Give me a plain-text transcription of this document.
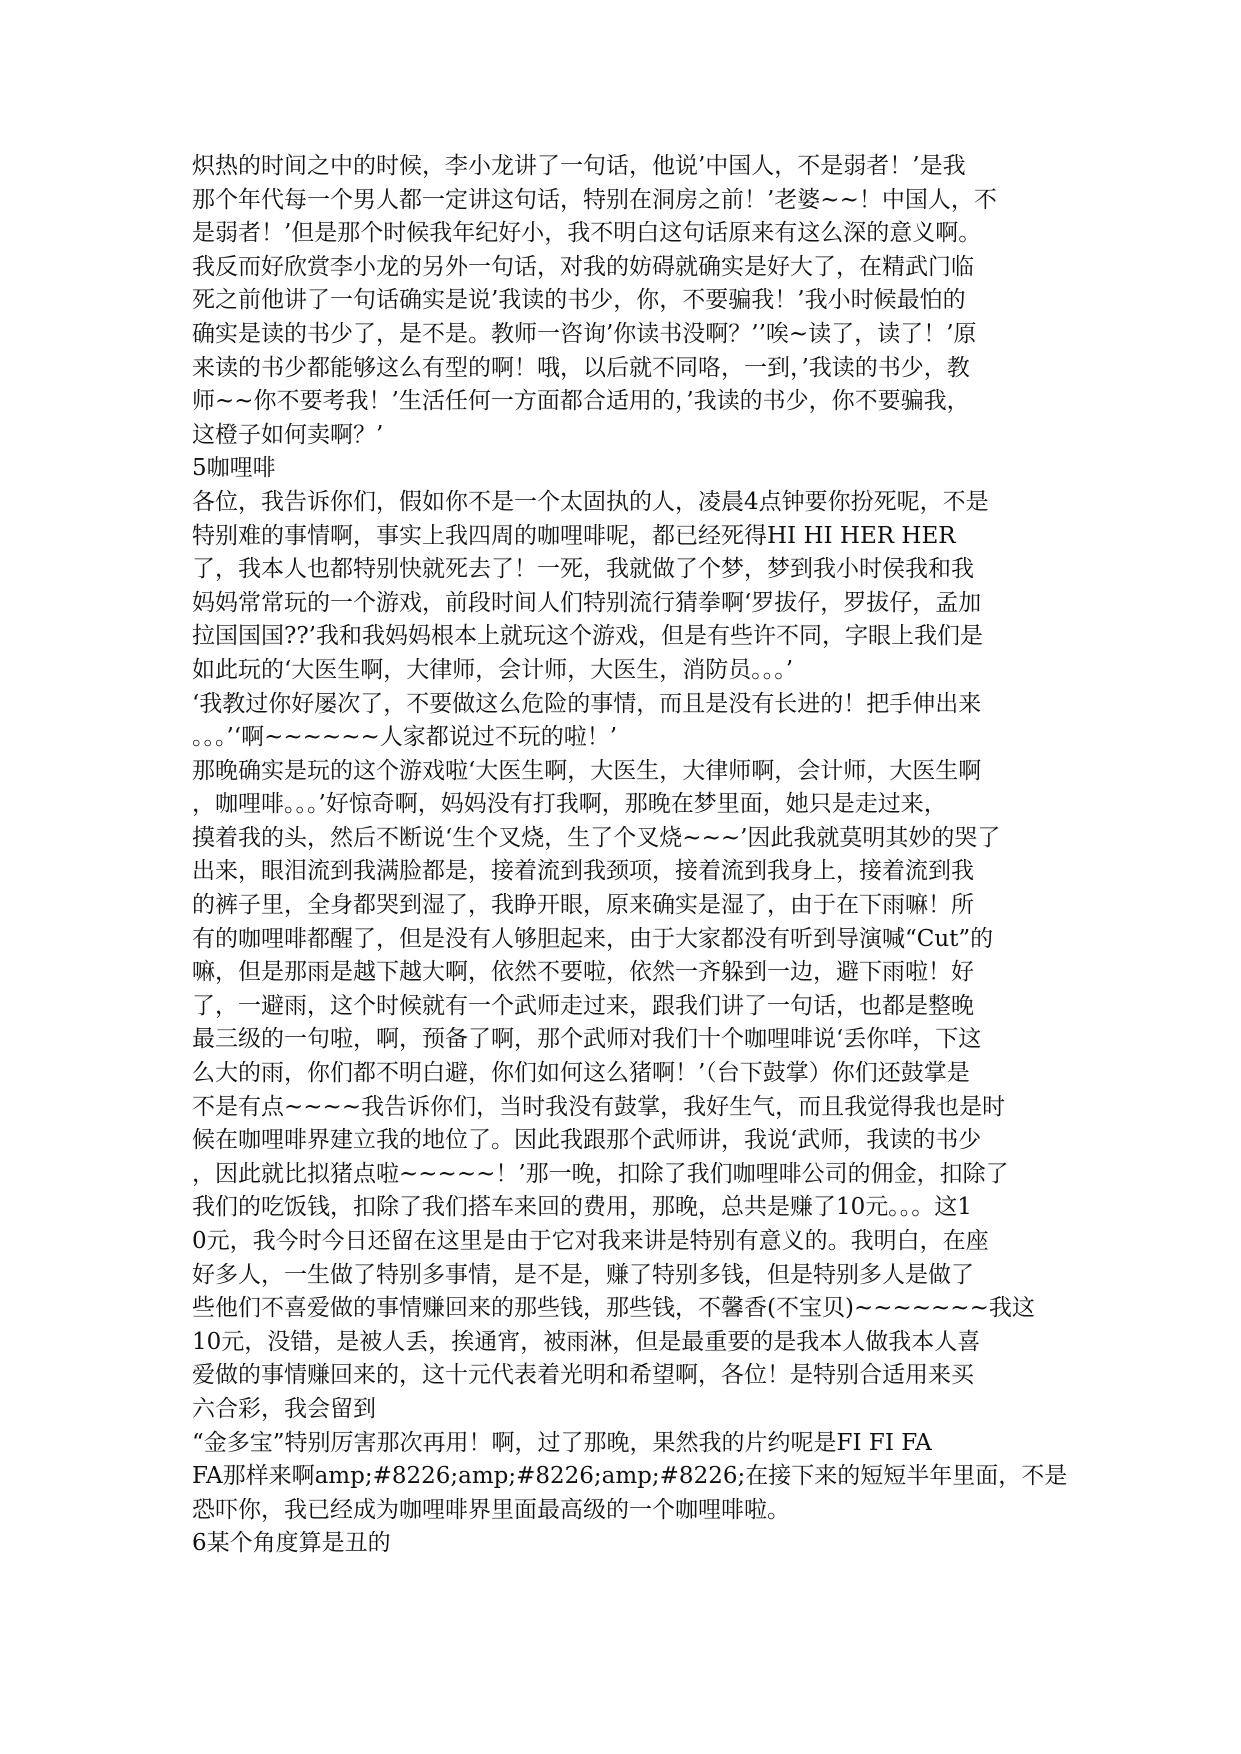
炽热的时间之中的时候，李小龙讲了一句话，他说’中国人，不是弱者！’是我
那个年代每一个男人都一定讲这句话，特别在洞房之前！’老婆~~！中国人，不
是弱者！’但是那个时候我年纪好小，我不明白这句话原来有这么深的意义啊。
我反而好欣赏李小龙的另外一句话，对我的妨碍就确实是好大了，在精武门临
死之前他讲了一句话确实是说’我读的书少，你，不要骗我！’我小时候最怕的
确实是读的书少了，是不是。教师一咨询’你读书没啊？’’唉~读了，读了！’原
来读的书少都能够这么有型的啊！哦，以后就不同咯，一到，’我读的书少，教
师~~你不要考我！’生活任何一方面都合适用的，’我读的书少，你不要骗我，
这橙子如何卖啊？’
5咖哩啡
各位，我告诉你们，假如你不是一个太固执的人，凌晨4点钟要你扮死呢，不是
特别难的事情啊，事实上我四周的咖哩啡呢，都已经死得HI HI HER HER
了，我本人也都特别快就死去了！一死，我就做了个梦，梦到我小时侯我和我
妈妈常常玩的一个游戏，前段时间人们特别流行猜拳啊‘罗拔仔，罗拔仔，孟加
拉国国国??’我和我妈妈根本上就玩这个游戏，但是有些许不同，字眼上我们是
如此玩的‘大医生啊，大律师，会计师，大医生，消防员。。。’
‘我教过你好屡次了，不要做这么危险的事情，而且是没有长进的！把手伸出来
。。。’‘啊~~~~~~人家都说过不玩的啦！’
那晚确实是玩的这个游戏啦‘大医生啊，大医生，大律师啊，会计师，大医生啊
，咖哩啡。。。’好惊奇啊，妈妈没有打我啊，那晚在梦里面，她只是走过来，
摸着我的头，然后不断说‘生个叉烧，生了个叉烧~~~’因此我就莫明其妙的哭了
出来，眼泪流到我满脸都是，接着流到我颈项，接着流到我身上，接着流到我
的裤子里，全身都哭到湿了，我睁开眼，原来确实是湿了，由于在下雨嘛！所
有的咖哩啡都醒了，但是没有人够胆起来，由于大家都没有听到导演喊“Cut”的
嘛，但是那雨是越下越大啊，依然不要啦，依然一齐躲到一边，避下雨啦！好
了，一避雨，这个时候就有一个武师走过来，跟我们讲了一句话，也都是整晚
最三级的一句啦，啊，预备了啊，那个武师对我们十个咖哩啡说‘丢你咩，下这
么大的雨，你们都不明白避，你们如何这么猪啊！’（台下鼓掌）你们还鼓掌是
不是有点~~~~我告诉你们，当时我没有鼓掌，我好生气，而且我觉得我也是时
候在咖哩啡界建立我的地位了。因此我跟那个武师讲，我说‘武师，我读的书少
，因此就比拟猪点啦~~~~~！’那一晚，扣除了我们咖哩啡公司的佣金，扣除了
我们的吃饭钱，扣除了我们搭车来回的费用，那晚，总共是赚了10元。。。这1
0元，我今时今日还留在这里是由于它对我来讲是特别有意义的。我明白，在座
好多人，一生做了特别多事情，是不是，赚了特别多钱，但是特别多人是做了
些他们不喜爱做的事情赚回来的那些钱，那些钱，不馨香(不宝贝)~~~~~~~我这
10元，没错，是被人丢，挨通宵，被雨淋，但是最重要的是我本人做我本人喜
爱做的事情赚回来的，这十元代表着光明和希望啊，各位！是特别合适用来买
六合彩，我会留到
“金多宝”特别厉害那次再用！啊，过了那晚，果然我的片约呢是FI FI FA
FA那样来啊amp;#8226;amp;#8226;amp;#8226;在接下来的短短半年里面，不是
恐吓你，我已经成为咖哩啡界里面最高级的一个咖哩啡啦。
6某个角度算是丑的
